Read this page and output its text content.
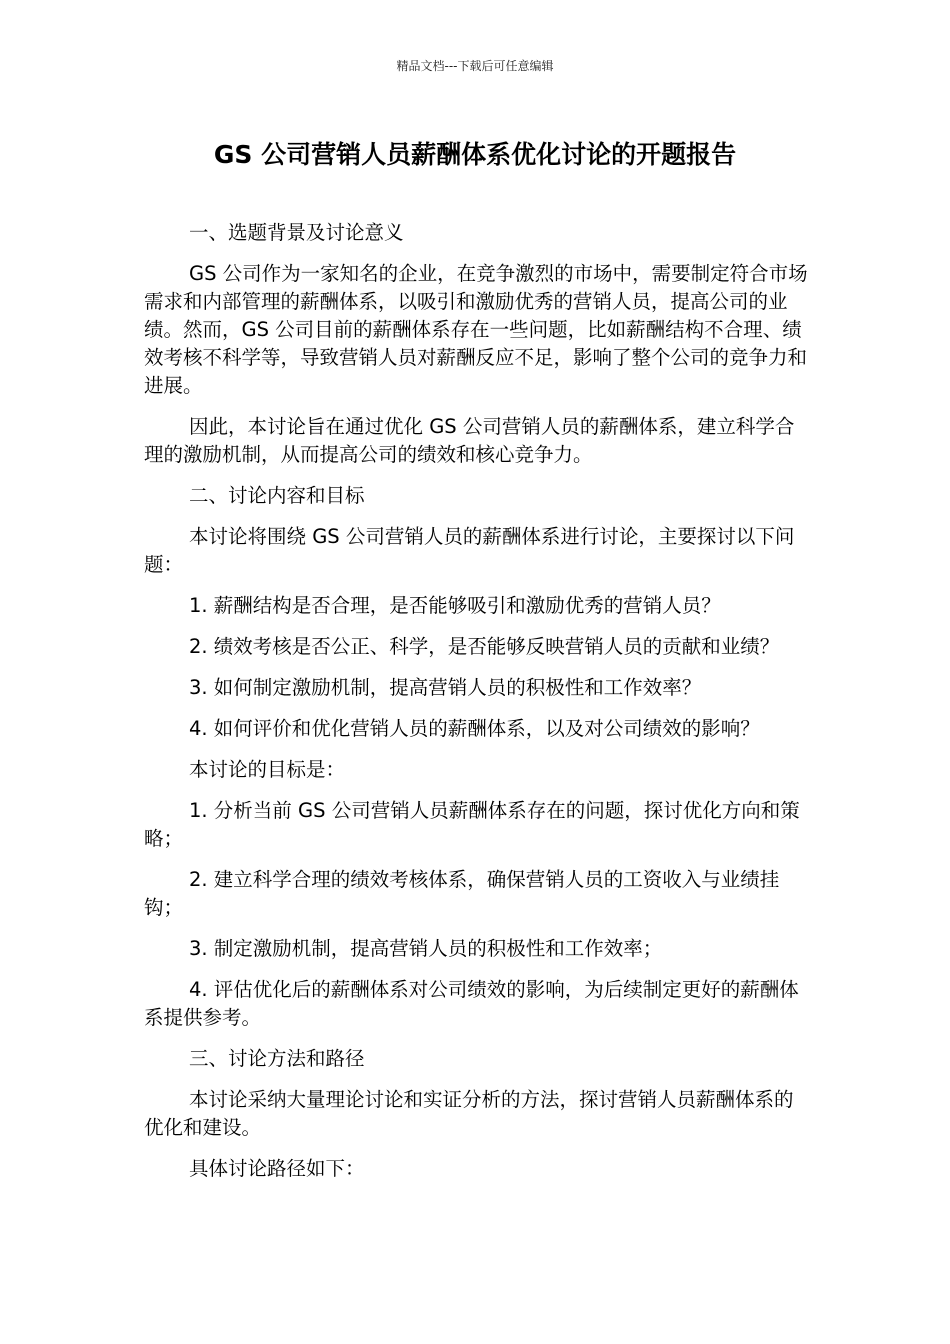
精品文档---下载后可任意编辑
GS 公司营销人员薪酬体系优化讨论的开题报告

一、选题背景及讨论意义

GS 公司作为一家知名的企业，在竞争激烈的市场中，需要制定符合市场需求和内部管理的薪酬体系，以吸引和激励优秀的营销人员，提高公司的业绩。然而，GS 公司目前的薪酬体系存在一些问题，比如薪酬结构不合理、绩效考核不科学等，导致营销人员对薪酬反应不足，影响了整个公司的竞争力和进展。

因此，本讨论旨在通过优化 GS 公司营销人员的薪酬体系，建立科学合理的激励机制，从而提高公司的绩效和核心竞争力。

二、讨论内容和目标

本讨论将围绕 GS 公司营销人员的薪酬体系进行讨论，主要探讨以下问题：

1. 薪酬结构是否合理，是否能够吸引和激励优秀的营销人员？

2. 绩效考核是否公正、科学，是否能够反映营销人员的贡献和业绩？

3. 如何制定激励机制，提高营销人员的积极性和工作效率？

4. 如何评价和优化营销人员的薪酬体系，以及对公司绩效的影响？

本讨论的目标是：

1. 分析当前 GS 公司营销人员薪酬体系存在的问题，探讨优化方向和策略；

2. 建立科学合理的绩效考核体系，确保营销人员的工资收入与业绩挂钩；

3. 制定激励机制，提高营销人员的积极性和工作效率；

4. 评估优化后的薪酬体系对公司绩效的影响，为后续制定更好的薪酬体系提供参考。

三、讨论方法和路径

本讨论采纳大量理论讨论和实证分析的方法，探讨营销人员薪酬体系的优化和建设。

具体讨论路径如下：
